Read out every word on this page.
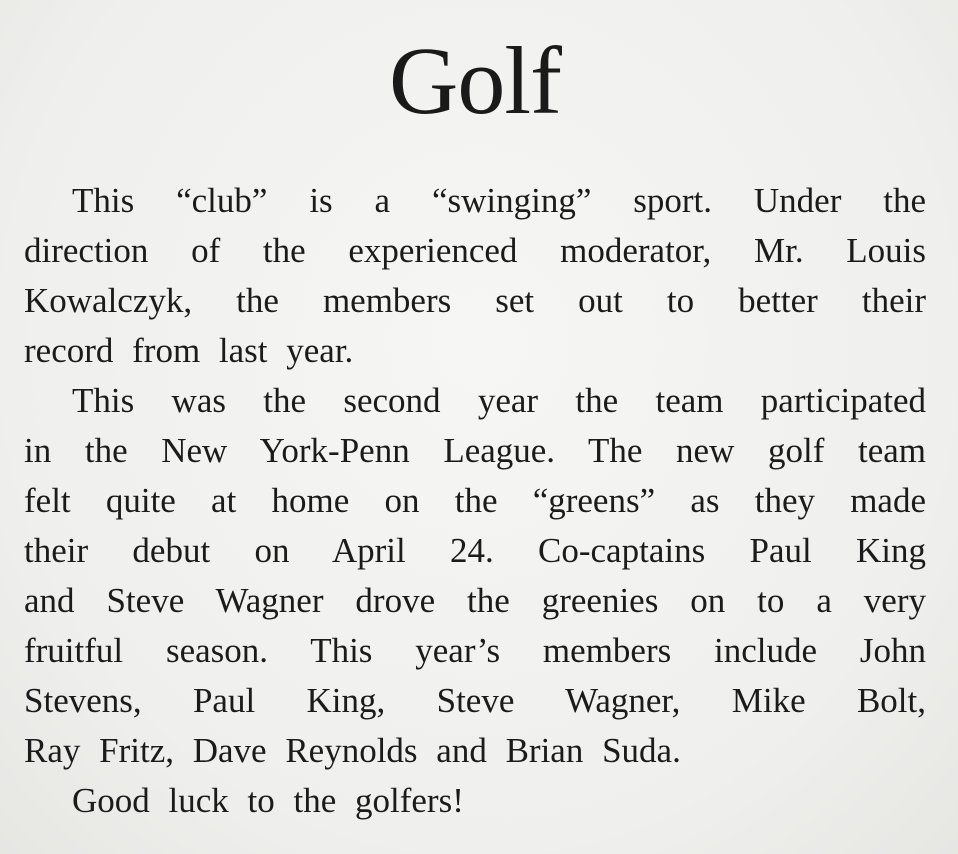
Golf
This “club” is a “swinging” sport. Under the
direction of the experienced moderator, Mr. Louis
Kowalczyk, the members set out to better their
record from last year.
This was the second year the team participated
in the New York-Penn League. The new golf team
felt quite at home on the “greens” as they made
their debut on April 24. Co-captains Paul King
and Steve Wagner drove the greenies on to a very
fruitful season. This year’s members include John
Stevens, Paul King, Steve Wagner, Mike Bolt,
Ray Fritz, Dave Reynolds and Brian Suda.
Good luck to the golfers!
